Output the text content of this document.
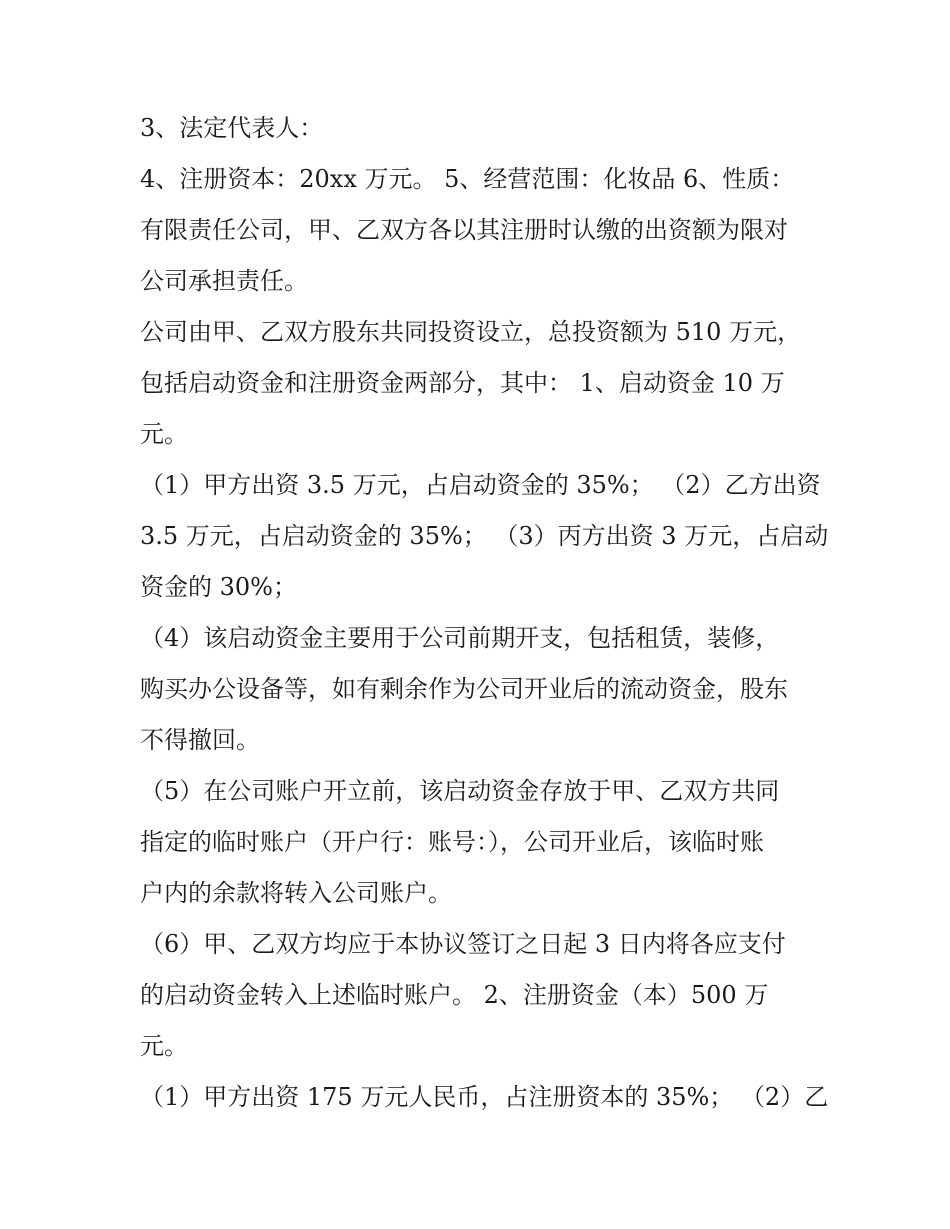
3、法定代表人：
4、注册资本：20xx 万元。 5、经营范围：化妆品 6、性质：
有限责任公司，甲、乙双方各以其注册时认缴的出资额为限对
公司承担责任。
公司由甲、乙双方股东共同投资设立，总投资额为 510 万元，
包括启动资金和注册资金两部分，其中： 1、启动资金 10 万
元。
（1）甲方出资 3.5 万元，占启动资金的 35%； （2）乙方出资
3.5 万元，占启动资金的 35%； （3）丙方出资 3 万元，占启动
资金的 30%；
（4）该启动资金主要用于公司前期开支，包括租赁，装修，
购买办公设备等，如有剩余作为公司开业后的流动资金，股东
不得撤回。
（5）在公司账户开立前，该启动资金存放于甲、乙双方共同
指定的临时账户（开户行：账号：），公司开业后，该临时账
户内的余款将转入公司账户。
（6）甲、乙双方均应于本协议签订之日起 3 日内将各应支付
的启动资金转入上述临时账户。 2、注册资金（本）500 万
元。
（1）甲方出资 175 万元人民币，占注册资本的 35%； （2）乙
